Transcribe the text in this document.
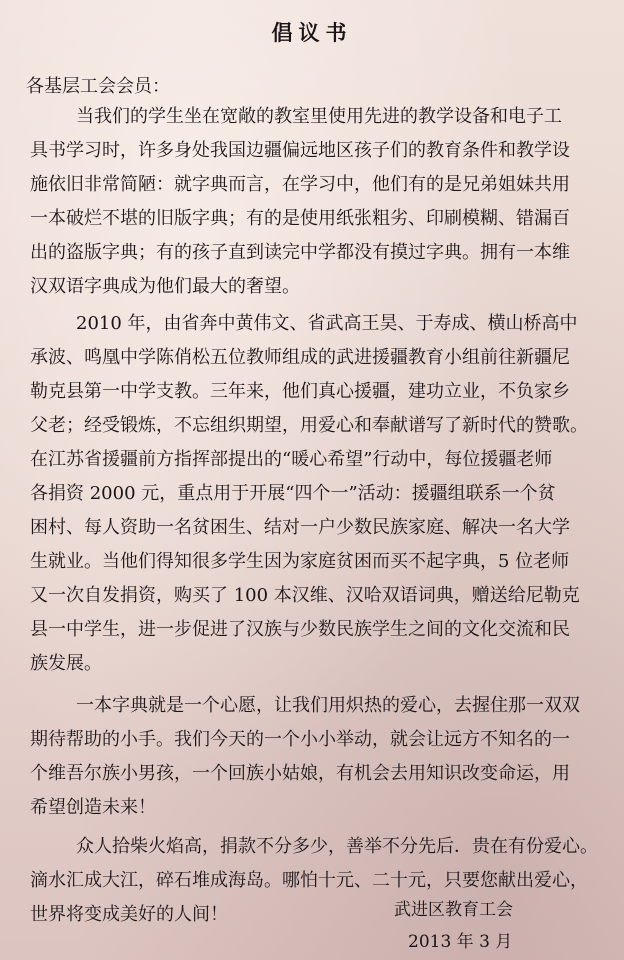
倡议书

各基层工会会员：

当我们的学生坐在宽敞的教室里使用先进的教学设备和电子工

具书学习时，许多身处我国边疆偏远地区孩子们的教育条件和教学设

施依旧非常简陋：就字典而言，在学习中，他们有的是兄弟姐妹共用

一本破烂不堪的旧版字典；有的是使用纸张粗劣、印刷模糊、错漏百

出的盗版字典；有的孩子直到读完中学都没有摸过字典。拥有一本维

汉双语字典成为他们最大的奢望。

2010 年，由省奔中黄伟文、省武高王昊、于寿成、横山桥高中

承波、鸣凰中学陈俏松五位教师组成的武进援疆教育小组前往新疆尼

勒克县第一中学支教。三年来，他们真心援疆，建功立业，不负家乡

父老；经受锻炼，不忘组织期望，用爱心和奉献谱写了新时代的赞歌。

在江苏省援疆前方指挥部提出的“暖心希望”行动中，每位援疆老师

各捐资 2000 元，重点用于开展“四个一”活动：援疆组联系一个贫

困村、每人资助一名贫困生、结对一户少数民族家庭、解决一名大学

生就业。当他们得知很多学生因为家庭贫困而买不起字典，5 位老师

又一次自发捐资，购买了 100 本汉维、汉哈双语词典，赠送给尼勒克

县一中学生，进一步促进了汉族与少数民族学生之间的文化交流和民

族发展。

一本字典就是一个心愿，让我们用炽热的爱心，去握住那一双双

期待帮助的小手。我们今天的一个小小举动，就会让远方不知名的一

个维吾尔族小男孩，一个回族小姑娘，有机会去用知识改变命运，用

希望创造未来！

众人拾柴火焰高，捐款不分多少，善举不分先后．贵在有份爱心。

滴水汇成大江，碎石堆成海岛。哪怕十元、二十元，只要您献出爱心，

世界将变成美好的人间！	武进区教育工会

2013 年 3 月
